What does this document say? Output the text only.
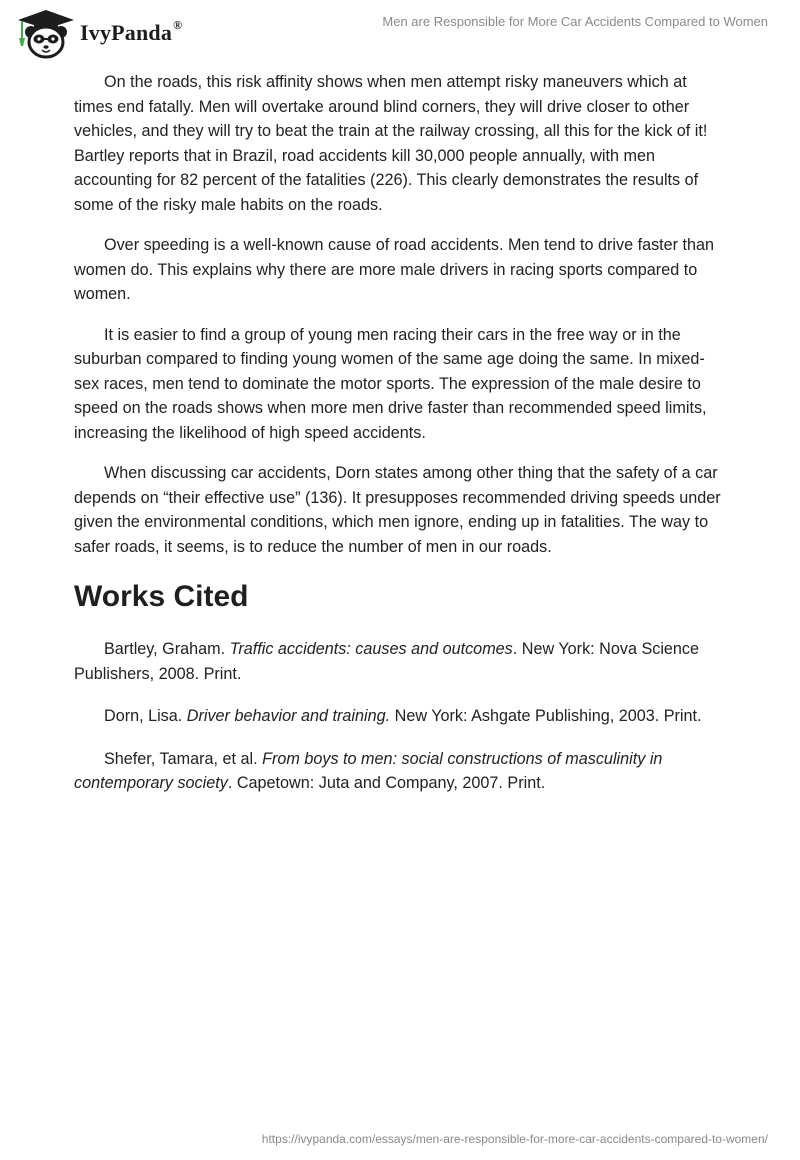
IvyPanda®	Men are Responsible for More Car Accidents Compared to Women

On the roads, this risk affinity shows when men attempt risky maneuvers which at times end fatally. Men will overtake around blind corners, they will drive closer to other vehicles, and they will try to beat the train at the railway crossing, all this for the kick of it! Bartley reports that in Brazil, road accidents kill 30,000 people annually, with men accounting for 82 percent of the fatalities (226). This clearly demonstrates the results of some of the risky male habits on the roads.

Over speeding is a well-known cause of road accidents. Men tend to drive faster than women do. This explains why there are more male drivers in racing sports compared to women.

It is easier to find a group of young men racing their cars in the free way or in the suburban compared to finding young women of the same age doing the same. In mixed-sex races, men tend to dominate the motor sports. The expression of the male desire to speed on the roads shows when more men drive faster than recommended speed limits, increasing the likelihood of high speed accidents.

When discussing car accidents, Dorn states among other thing that the safety of a car depends on “their effective use” (136). It presupposes recommended driving speeds under given the environmental conditions, which men ignore, ending up in fatalities. The way to safer roads, it seems, is to reduce the number of men in our roads.

Works Cited

Bartley, Graham. Traffic accidents: causes and outcomes. New York: Nova Science Publishers, 2008. Print.

Dorn, Lisa. Driver behavior and training. New York: Ashgate Publishing, 2003. Print.

Shefer, Tamara, et al. From boys to men: social constructions of masculinity in contemporary society. Capetown: Juta and Company, 2007. Print.

https://ivypanda.com/essays/men-are-responsible-for-more-car-accidents-compared-to-women/
